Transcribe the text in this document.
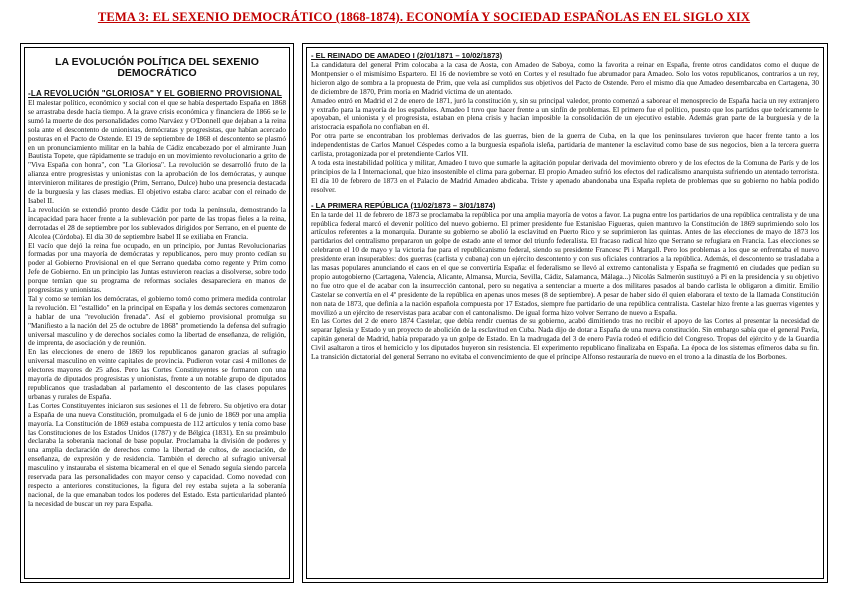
TEMA 3: EL SEXENIO DEMOCRÁTICO (1868-1874). ECONOMÍA Y SOCIEDAD ESPAÑOLAS EN EL SIGLO XIX
LA EVOLUCIÓN POLÍTICA DEL SEXENIO DEMOCRÁTICO
-LA REVOLUCIÓN "GLORIOSA" Y EL GOBIERNO PROVISIONAL

El malestar político, económico y social con el que se había despertado España en 1868 se arrastraba desde hacía tiempo. A la grave crisis económica y financiera de 1866 se le sumó la muerte de dos personalidades como Narváez y O'Donnell que dejaban a la reina sola ante el descontento de unionistas, demócratas y progresistas, que habían acercado posturas en el Pacto de Ostende. El 19 de septiembre de 1868 el descontento se plasmó en un pronunciamiento militar en la bahía de Cádiz encabezado por el almirante Juan Bautista Topete, que rápidamente se tradujo en un movimiento revolucionario a grito de "Viva España con honra", con "La Gloriosa". La revolución se desarrolló fruto de la alianza entre progresistas y unionistas con la aprobación de los demócratas, y aunque intervinieron militares de prestigio (Prim, Serrano, Dulce) hubo una presencia destacada de la burguesía y las clases medias. El objetivo estaba claro: acabar con el reinado de Isabel II.

La revolución se extendió pronto desde Cádiz por toda la península, demostrando la incapacidad para hacer frente a la sublevación por parte de las tropas fieles a la reina, derrotadas el 28 de septiembre por los sublevados dirigidos por Serrano, en el puente de Alcolea (Córdoba). El día 30 de septiembre Isabel II se exiliaba en Francia.

El vacío que dejó la reina fue ocupado, en un principio, por Juntas Revolucionarias formadas por una mayoría de demócratas y republicanos, pero muy pronto cedían su poder al Gobierno Provisional en el que Serrano quedaba como regente y Prim como Jefe de Gobierno. En un principio las Juntas estuvieron reacias a disolverse, sobre todo porque temían que su programa de reformas sociales desapareciera en manos de progresistas y unionistas.

Tal y como se temían los demócratas, el gobierno tomó como primera medida controlar la revolución. El "estallido" en la principal en España y los demás sectores comenzaron a hablar de una "revolución frenada". Así el gobierno provisional promulga su "Manifiesto a la nación del 25 de octubre de 1868" prometiendo la defensa del sufragio universal masculino y de derechos sociales como la libertad de enseñanza, de religión, de imprenta, de asociación y de reunión.

En las elecciones de enero de 1869 los republicanos ganaron gracias al sufragio universal masculino en veinte capitales de provincia. Pudieron votar casi 4 millones de electores mayores de 25 años. Pero las Cortes Constituyentes se formaron con una mayoría de diputados progresistas y unionistas, frente a un notable grupo de diputados republicanos que trasladaban al parlamento el descontento de las clases populares urbanas y rurales de España.

Las Cortes Constituyentes iniciaron sus sesiones el 11 de febrero. Su objetivo era dotar a España de una nueva Constitución, promulgada el 6 de junio de 1869 por una amplia mayoría. La Constitución de 1869 estaba compuesta de 112 artículos y tenía como base las Constituciones de los Estados Unidos (1787) y de Bélgica (1831). En su preámbulo declaraba la soberanía nacional de base popular. Proclamaba la división de poderes y una amplia declaración de derechos como la libertad de cultos, de asociación, de enseñanza, de expresión y de residencia. También el derecho al sufragio universal masculino y instauraba el sistema bicameral en el que el Senado seguía siendo parcela reservada para las personalidades con mayor censo y capacidad. Como novedad con respecto a anteriores constituciones, la figura del rey estaba sujeta a la soberanía nacional, de la que emanaban todos los poderes del Estado. Esta particularidad planteó la necesidad de buscar un rey para España.

- EL REINADO DE AMADEO I (2/01/1871 – 10/02/1873)

La candidatura del general Prim colocaba a la casa de Aosta, con Amadeo de Saboya, como la favorita a reinar en España, frente otros candidatos como el duque de Montpensier o el mismísimo Espartero. El 16 de noviembre se votó en Cortes y el resultado fue abrumador para Amadeo. Solo los votos republicanos, contrarios a un rey, hicieron algo de sombra a la propuesta de Prim, que vela así cumplidos sus objetivos del Pacto de Ostende. Pero el mismo día que Amadeo desembarcaba en Cartagena, 30 de diciembre de 1870, Prim moría en Madrid víctima de un atentado.

Amadeo entró en Madrid el 2 de enero de 1871, juró la constitución y, sin su principal valedor, pronto comenzó a saborear el menosprecio de España hacia un rey extranjero y extraño para la mayoría de los españoles. Amadeo I tuvo que hacer frente a un sinfín de problemas. El primero fue el político, puesto que los partidos que teóricamente le apoyaban, el unionista y el progresista, estaban en plena crisis y hacían imposible la consolidación de un ejecutivo estable. Además gran parte de la burguesía y de la aristocracia española no confiaban en él.

Por otra parte se encontraban los problemas derivados de las guerras, bien de la guerra de Cuba, en la que los peninsulares tuvieron que hacer frente tanto a los independentistas de Carlos Manuel Céspedes como a la burguesía española isleña, partidaria de mantener la esclavitud como base de sus negocios, bien a la tercera guerra carlista, protagonizada por el pretendiente Carlos VII.

A toda esta inestabilidad política y militar, Amadeo I tuvo que sumarle la agitación popular derivada del movimiento obrero y de los efectos de la Comuna de París y de los principios de la I Internacional, que hizo insostenible el clima para gobernar. El propio Amadeo sufrió los efectos del radicalismo anarquista sufriendo un atentado terrorista. El día 10 de febrero de 1873 en el Palacio de Madrid Amadeo abdicaba. Triste y apenado abandonaba una España repleta de problemas que su gobierno no había podido resolver.

- LA PRIMERA REPÚBLICA (11/02/1873 – 3/01/1874)

En la tarde del 11 de febrero de 1873 se proclamaba la república por una amplia mayoría de votos a favor. La pugna entre los partidarios de una república centralista y de una república federal marcó el devenir político del nuevo gobierno. El primer presidente fue Estanislao Figueras, quien mantuvo la Constitución de 1869 suprimiendo solo los artículos referentes a la monarquía. Durante su gobierno se abolió la esclavitud en Puerto Rico y se suprimieron las quintas. Antes de las elecciones de mayo de 1873 los partidarios del centralismo prepararon un golpe de estado ante el temor del triunfo federalista. El fracaso radical hizo que Serrano se refugiara en Francia. Las elecciones se celebraron el 10 de mayo y la victoria fue para el republicanismo federal, siendo su presidente Francesc Pi i Margall. Pero los problemas a los que se enfrentaba el nuevo presidente eran insuperables: dos guerras (carlista y cubana) con un ejército descontento y con sus oficiales contrarios a la república. Además, el descontento se trasladaba a las masas populares anunciando el caos en el que se convertiría España: el federalismo se llevó al extremo cantonalista y España se fragmentó en ciudades que pedían su propio autogobierno (Cartagena, Valencia, Alicante, Almansa, Murcia, Sevilla, Cádiz, Salamanca, Málaga...) Nicolás Salmerón sustituyó a Pi en la presidencia y su objetivo no fue otro que el de acabar con la insurrección cantonal, pero su negativa a sentenciar a muerte a dos militares pasados al bando carlista le obligaron a dimitir. Emilio Castelar se convertía en el 4º presidente de la república en apenas unos meses (8 de septiembre). A pesar de haber sido él quien elaborara el texto de la llamada Constitución non nata de 1873, que definía a la nación española compuesta por 17 Estados, siempre fue partidario de una república centralista. Castelar hizo frente a las guerras vigentes y movilizó a un ejército de reservistas para acabar con el cantonalismo. De igual forma hizo volver Serrano de nuevo a España.

En las Cortes del 2 de enero 1874 Castelar, que debía rendir cuentas de su gobierno, acabó dimitiendo tras no recibir el apoyo de las Cortes al presentar la necesidad de separar Iglesia y Estado y un proyecto de abolición de la esclavitud en Cuba. Nada dijo de dotar a España de una nueva constitución. Sin embargo sabía que el general Pavía, capitán general de Madrid, había preparado ya un golpe de Estado. En la madrugada del 3 de enero Pavía rodeó el edificio del Congreso. Tropas del ejército y de la Guardia Civil asaltaron a tiros el hemiciclo y los diputados huyeron sin resistencia. El experimento republicano finalizaba en España. La época de los sistemas efímeros daba su fin. La transición dictatorial del general Serrano no evitaba el convencimiento de que el príncipe Alfonso restauraría de nuevo en el trono a la dinastía de los Borbones.
